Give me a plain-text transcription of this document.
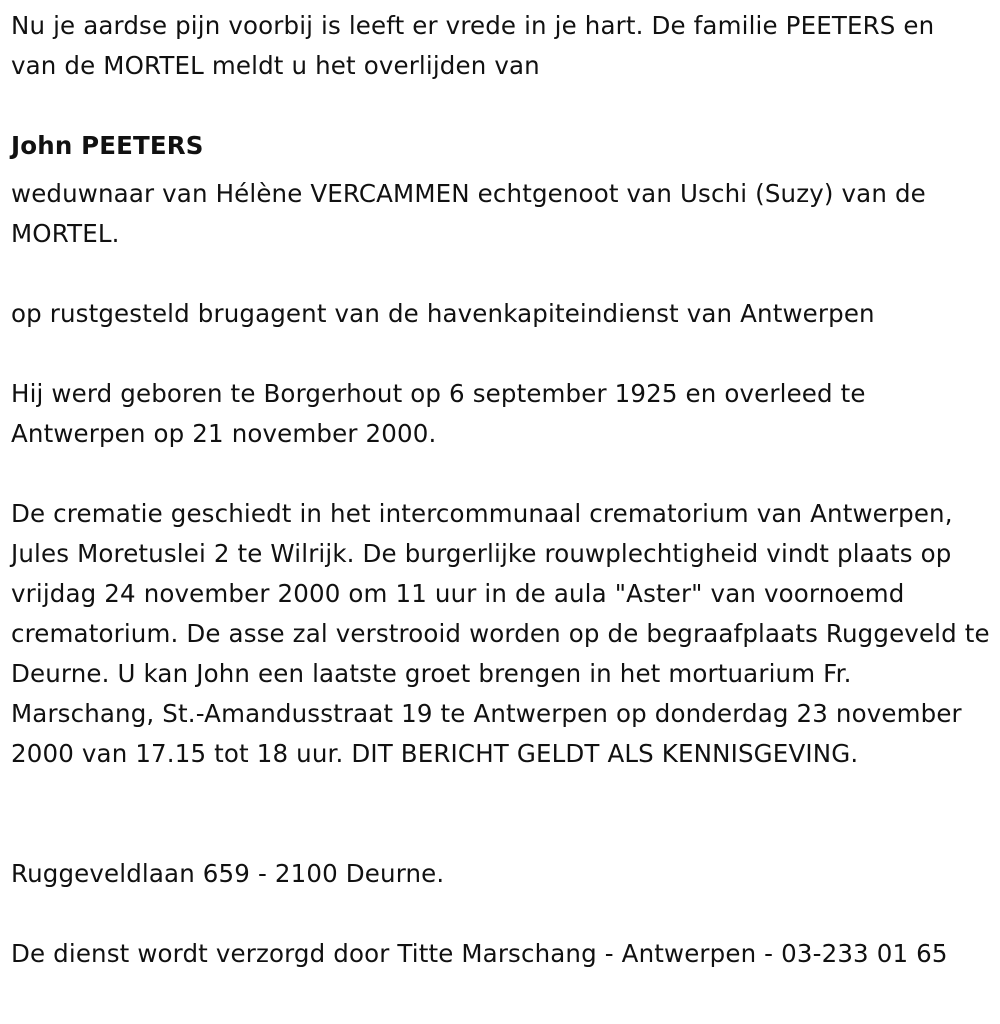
Nu je aardse pijn voorbij is leeft er vrede in je hart. De familie PEETERS en van de MORTEL meldt u het overlijden van

John PEETERS

weduwnaar van Hélène VERCAMMEN echtgenoot van Uschi (Suzy) van de MORTEL.

op rustgesteld brugagent van de havenkapiteindienst van Antwerpen

Hij werd geboren te Borgerhout op 6 september 1925 en overleed te Antwerpen op 21 november 2000.

De crematie geschiedt in het intercommunaal crematorium van Antwerpen, Jules Moretuslei 2 te Wilrijk. De burgerlijke rouwplechtigheid vindt plaats op vrijdag 24 november 2000 om 11 uur in de aula "Aster" van voornoemd crematorium. De asse zal verstrooid worden op de begraafplaats Ruggeveld te Deurne. U kan John een laatste groet brengen in het mortuarium Fr. Marschang, St.-Amandusstraat 19 te Antwerpen op donderdag 23 november 2000 van 17.15 tot 18 uur. DIT BERICHT GELDT ALS KENNISGEVING.

Ruggeveldlaan 659 - 2100 Deurne.

De dienst wordt verzorgd door Titte Marschang - Antwerpen - 03-233 01 65
